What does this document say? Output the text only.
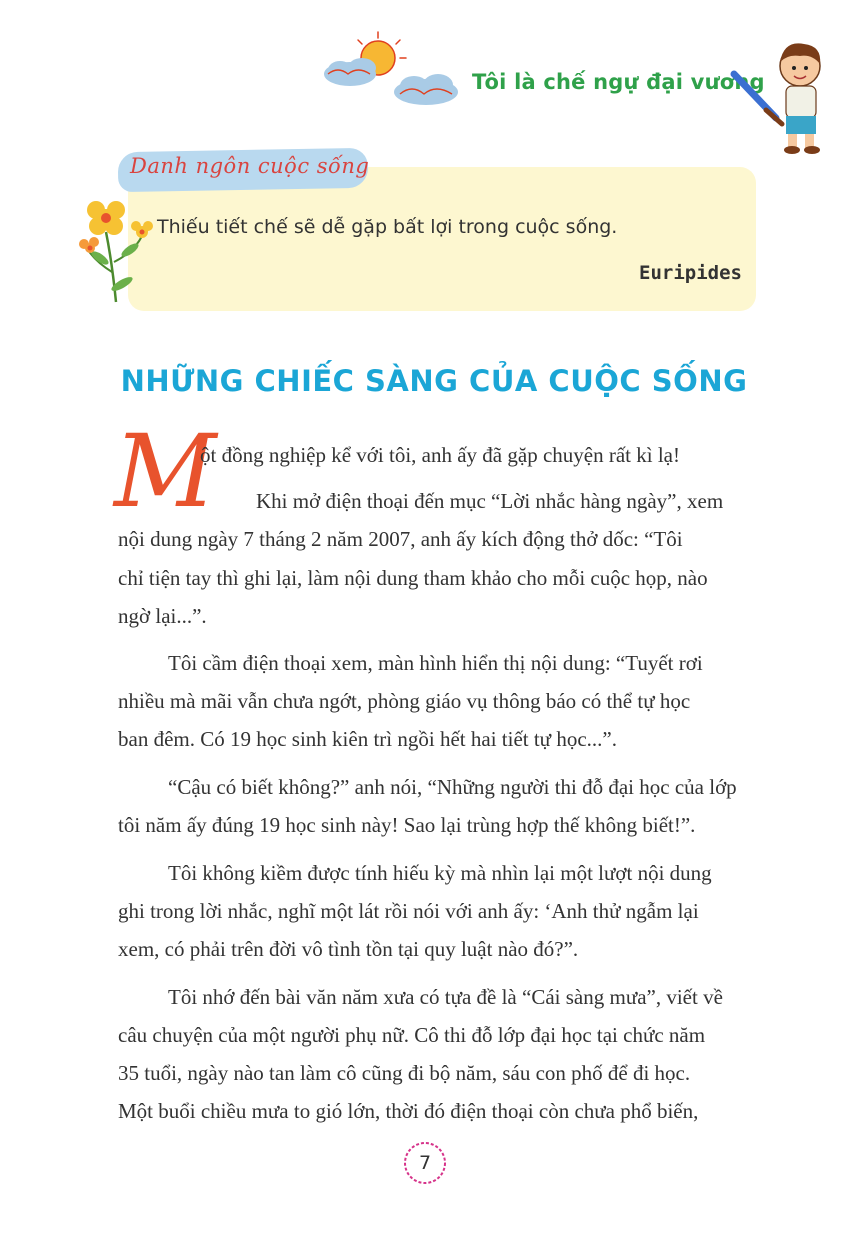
Tôi là chế ngự đại vương
Danh ngôn cuộc sống
Thiếu tiết chế sẽ dễ gặp bất lợi trong cuộc sống.
Euripides
NHỮNG CHIẾC SÀNG CỦA CUỘC SỐNG
M
ột đồng nghiệp kể với tôi, anh ấy đã gặp chuyện rất kì lạ!
Khi mở điện thoại đến mục “Lời nhắc hàng ngày”, xem
nội dung ngày 7 tháng 2 năm 2007, anh ấy kích động thở dốc: “Tôi
chỉ tiện tay thì ghi lại, làm nội dung tham khảo cho mỗi cuộc họp, nào
ngờ lại...”.
Tôi cầm điện thoại xem, màn hình hiển thị nội dung: “Tuyết rơi
nhiều mà mãi vẫn chưa ngớt, phòng giáo vụ thông báo có thể tự học
ban đêm. Có 19 học sinh kiên trì ngồi hết hai tiết tự học...”.
“Cậu có biết không?” anh nói, “Những người thi đỗ đại học của lớp
tôi năm ấy đúng 19 học sinh này! Sao lại trùng hợp thế không biết!”.
Tôi không kiềm được tính hiếu kỳ mà nhìn lại một lượt nội dung
ghi trong lời nhắc, nghĩ một lát rồi nói với anh ấy: ‘Anh thử ngẫm lại
xem, có phải trên đời vô tình tồn tại quy luật nào đó?”.
Tôi nhớ đến bài văn năm xưa có tựa đề là “Cái sàng mưa”, viết về
câu chuyện của một người phụ nữ. Cô thi đỗ lớp đại học tại chức năm
35 tuổi, ngày nào tan làm cô cũng đi bộ năm, sáu con phố để đi học.
Một buổi chiều mưa to gió lớn, thời đó điện thoại còn chưa phổ biến,
7
